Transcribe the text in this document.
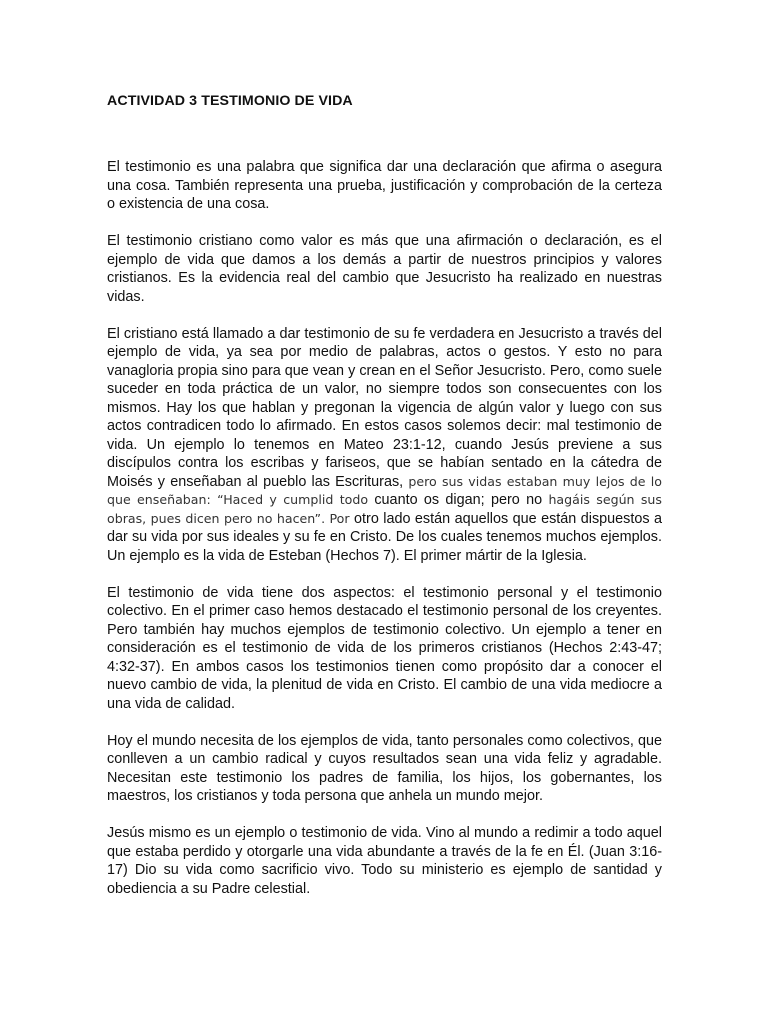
ACTIVIDAD 3 TESTIMONIO DE VIDA

El testimonio es una palabra que significa dar una declaración que afirma o asegura una cosa. También representa una prueba, justificación y comprobación de la certeza o existencia de una cosa.

El testimonio cristiano como valor es más que una afirmación o declaración, es el ejemplo de vida que damos a los demás a partir de nuestros principios y valores cristianos. Es la evidencia real del cambio que Jesucristo ha realizado en nuestras vidas.

El cristiano está llamado a dar testimonio de su fe verdadera en Jesucristo a través del ejemplo de vida, ya sea por medio de palabras, actos o gestos. Y esto no para vanagloria propia sino para que vean y crean en el Señor Jesucristo. Pero, como suele suceder en toda práctica de un valor, no siempre todos son consecuentes con los mismos. Hay los que hablan y pregonan la vigencia de algún valor y luego con sus actos contradicen todo lo afirmado. En estos casos solemos decir: mal testimonio de vida. Un ejemplo lo tenemos en Mateo 23:1-12, cuando Jesús previene a sus discípulos contra los escribas y fariseos, que se habían sentado en la cátedra de Moisés y enseñaban al pueblo las Escrituras, pero sus vidas estaban muy lejos de lo que enseñaban: “Haced y cumplid todo cuanto os digan; pero no hagáis según sus obras, pues dicen pero no hacen”. Por otro lado están aquellos que están dispuestos a dar su vida por sus ideales y su fe en Cristo. De los cuales tenemos muchos ejemplos. Un ejemplo es la vida de Esteban (Hechos 7). El primer mártir de la Iglesia.

El testimonio de vida tiene dos aspectos: el testimonio personal y el testimonio colectivo. En el primer caso hemos destacado el testimonio personal de los creyentes. Pero también hay muchos ejemplos de testimonio colectivo. Un ejemplo a tener en consideración es el testimonio de vida de los primeros cristianos (Hechos 2:43-47; 4:32-37). En ambos casos los testimonios tienen como propósito dar a conocer el nuevo cambio de vida, la plenitud de vida en Cristo. El cambio de una vida mediocre a una vida de calidad.

Hoy el mundo necesita de los ejemplos de vida, tanto personales como colectivos, que conlleven a un cambio radical y cuyos resultados sean una vida feliz y agradable. Necesitan este testimonio los padres de familia, los hijos, los gobernantes, los maestros, los cristianos y toda persona que anhela un mundo mejor.

Jesús mismo es un ejemplo o testimonio de vida. Vino al mundo a redimir a todo aquel que estaba perdido y otorgarle una vida abundante a través de la fe en Él. (Juan 3:16-17) Dio su vida como sacrificio vivo. Todo su ministerio es ejemplo de santidad y obediencia a su Padre celestial.
